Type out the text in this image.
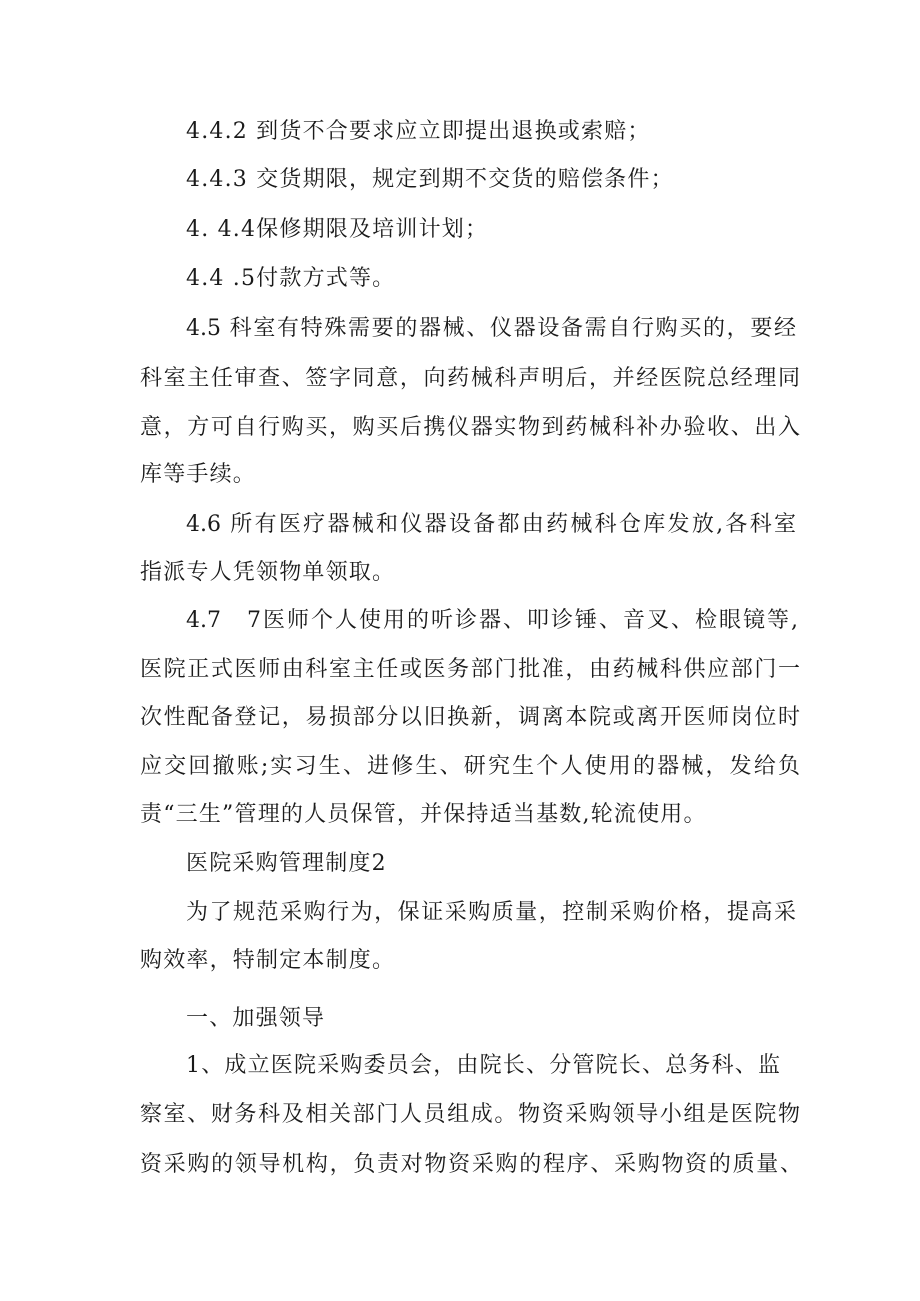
4.4.2 到货不合要求应立即提出退换或索赔；

4.4.3 交货期限，规定到期不交货的赔偿条件；

4. 4.4保修期限及培训计划；

4.4 .5付款方式等。

4.5 科室有特殊需要的器械、仪器设备需自行购买的，要经

科室主任审查、签字同意，向药械科声明后，并经医院总经理同

意，方可自行购买，购买后携仪器实物到药械科补办验收、出入

库等手续。

4.6 所有医疗器械和仪器设备都由药械科仓库发放,各科室

指派专人凭领物单领取。

4.7　7医师个人使用的听诊器、叩诊锤、音叉、检眼镜等,

医院正式医师由科室主任或医务部门批准，由药械科供应部门一

次性配备登记，易损部分以旧换新，调离本院或离开医师岗位时

应交回撤账;实习生、进修生、研究生个人使用的器械，发给负

责“三生”管理的人员保管，并保持适当基数,轮流使用。

医院采购管理制度2

为了规范采购行为，保证采购质量，控制采购价格，提高采

购效率，特制定本制度。

一、加强领导

1、成立医院采购委员会，由院长、分管院长、总务科、监

察室、财务科及相关部门人员组成。物资采购领导小组是医院物

资采购的领导机构，负责对物资采购的程序、采购物资的质量、
